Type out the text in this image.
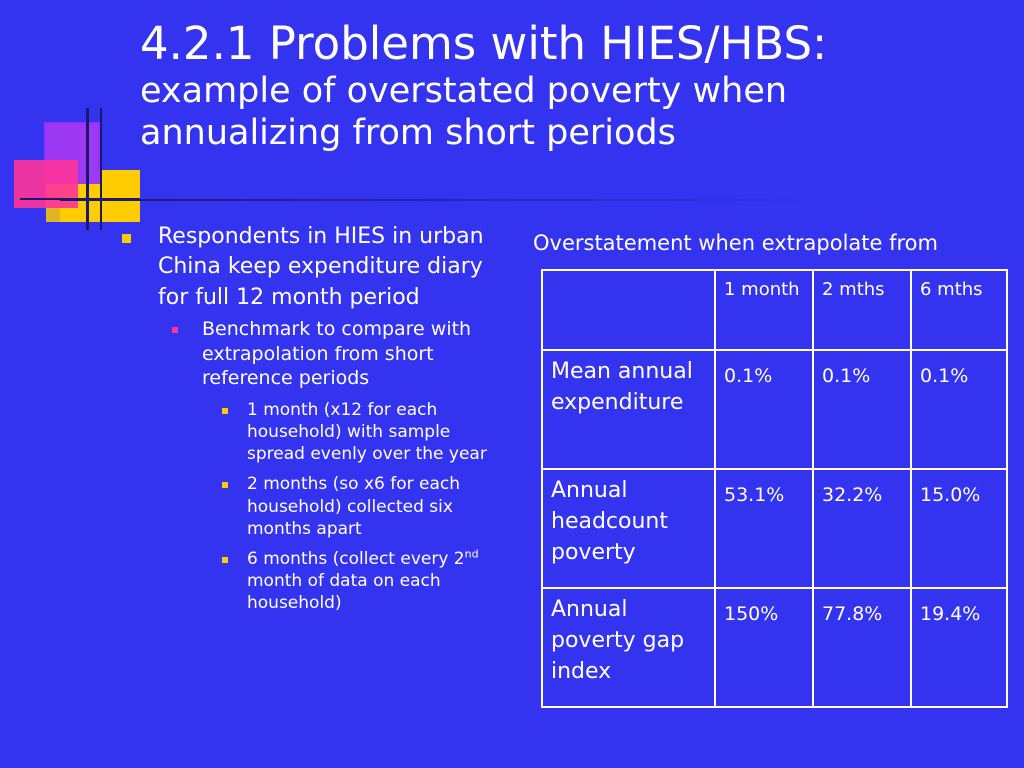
4.2.1 Problems with HIES/HBS:
example of overstated poverty when
annualizing from short periods
Respondents in HIES in urban China keep expenditure diary for full 12 month period
Benchmark to compare with extrapolation from short reference periods
1 month (x12 for each household) with sample spread evenly over the year
2 months (so x6 for each household) collected six months apart
6 months (collect every 2nd month of data on each household)
Overstatement when extrapolate from
	1 month	2 mths	6 mths
Mean annual expenditure	0.1%	0.1%	0.1%
Annual headcount poverty	53.1%	32.2%	15.0%
Annual poverty gap index	150%	77.8%	19.4%
